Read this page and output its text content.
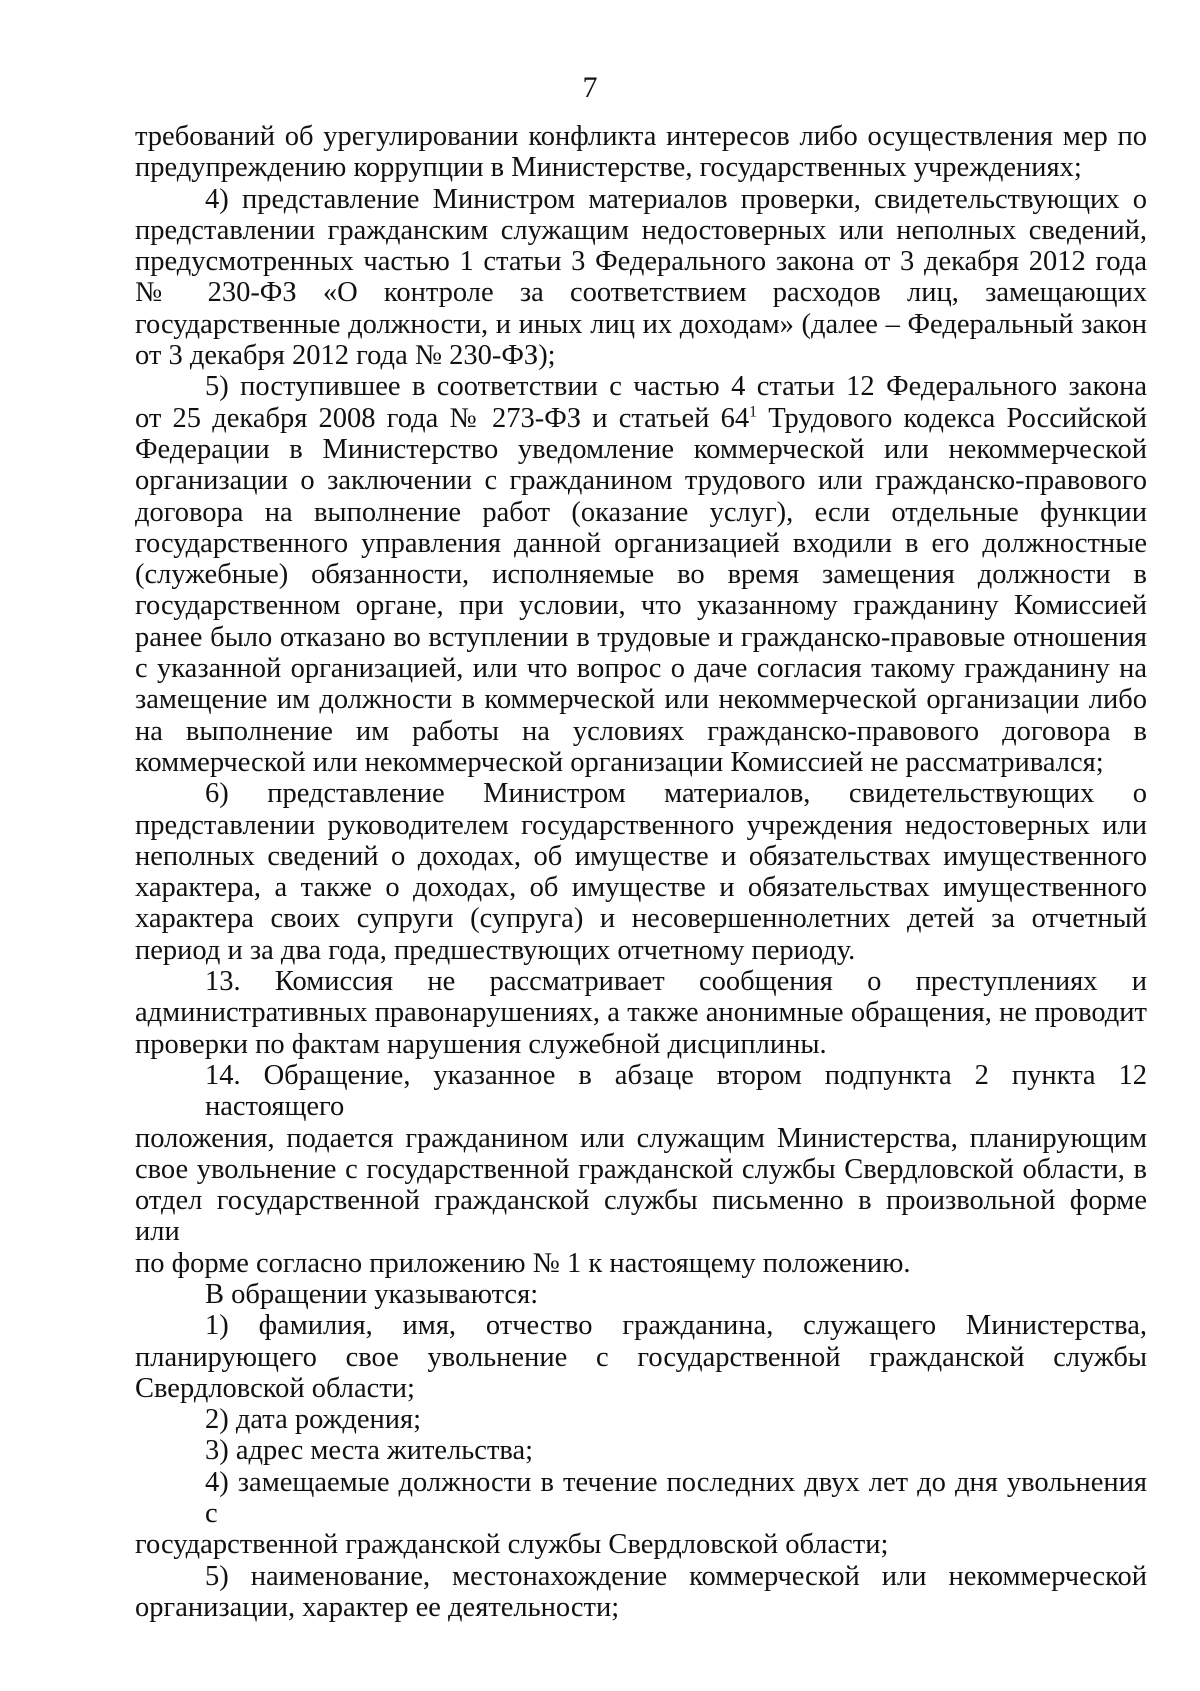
7
требований об урегулировании конфликта интересов либо осуществления мер по
предупреждению коррупции в Министерстве, государственных учреждениях;
4) представление Министром материалов проверки, свидетельствующих о
представлении гражданским служащим недостоверных или неполных сведений,
предусмотренных частью 1 статьи 3 Федерального закона от 3 декабря 2012 года
№ 230-ФЗ «О контроле за соответствием расходов лиц, замещающих
государственные должности, и иных лиц их доходам» (далее – Федеральный закон
от 3 декабря 2012 года № 230-ФЗ);
5) поступившее в соответствии с частью 4 статьи 12 Федерального закона
от 25 декабря 2008 года № 273-ФЗ и статьей $64^1$ Трудового кодекса Российской
Федерации в Министерство уведомление коммерческой или некоммерческой
организации о заключении с гражданином трудового или гражданско-правового
договора на выполнение работ (оказание услуг), если отдельные функции
государственного управления данной организацией входили в его должностные
(служебные) обязанности, исполняемые во время замещения должности в
государственном органе, при условии, что указанному гражданину Комиссией
ранее было отказано во вступлении в трудовые и гражданско-правовые отношения
с указанной организацией, или что вопрос о даче согласия такому гражданину на
замещение им должности в коммерческой или некоммерческой организации либо
на выполнение им работы на условиях гражданско-правового договора в
коммерческой или некоммерческой организации Комиссией не рассматривался;
6) представление Министром материалов, свидетельствующих о
представлении руководителем государственного учреждения недостоверных или
неполных сведений о доходах, об имуществе и обязательствах имущественного
характера, а также о доходах, об имуществе и обязательствах имущественного
характера своих супруги (супруга) и несовершеннолетних детей за отчетный
период и за два года, предшествующих отчетному периоду.
13. Комиссия не рассматривает сообщения о преступлениях и
административных правонарушениях, а также анонимные обращения, не проводит
проверки по фактам нарушения служебной дисциплины.
14. Обращение, указанное в абзаце втором подпункта 2 пункта 12 настоящего
положения, подается гражданином или служащим Министерства, планирующим
свое увольнение с государственной гражданской службы Свердловской области, в
отдел государственной гражданской службы письменно в произвольной форме или
по форме согласно приложению № 1 к настоящему положению.
В обращении указываются:
1) фамилия, имя, отчество гражданина, служащего Министерства,
планирующего свое увольнение с государственной гражданской службы
Свердловской области;
2) дата рождения;
3) адрес места жительства;
4) замещаемые должности в течение последних двух лет до дня увольнения с
государственной гражданской службы Свердловской области;
5) наименование, местонахождение коммерческой или некоммерческой
организации, характер ее деятельности;
